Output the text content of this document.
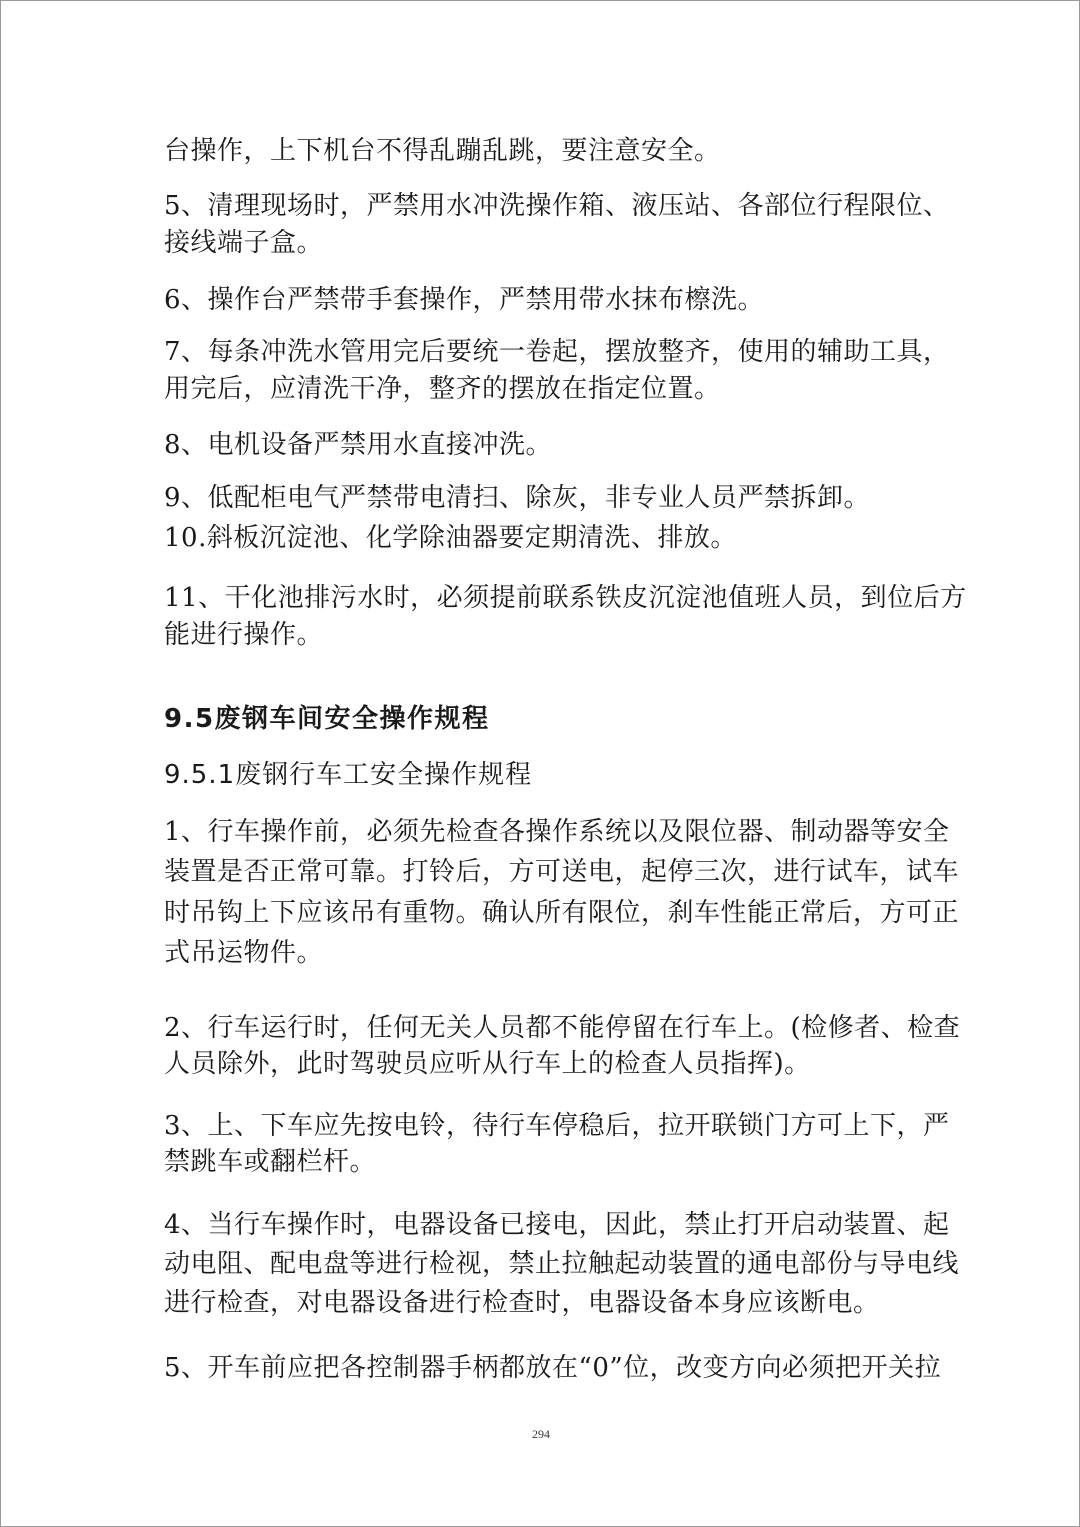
台操作，上下机台不得乱蹦乱跳，要注意安全。
5、清理现场时，严禁用水冲洗操作箱、液压站、各部位行程限位、
接线端子盒。
6、操作台严禁带手套操作，严禁用带水抹布檫洗。
7、每条冲洗水管用完后要统一卷起，摆放整齐，使用的辅助工具，
用完后，应清洗干净，整齐的摆放在指定位置。
8、电机设备严禁用水直接冲洗。
9、低配柜电气严禁带电清扫、除灰，非专业人员严禁拆卸。
10.斜板沉淀池、化学除油器要定期清洗、排放。
11、干化池排污水时，必须提前联系铁皮沉淀池值班人员，到位后方
能进行操作。
9.5废钢车间安全操作规程
9.5.1废钢行车工安全操作规程
1、行车操作前，必须先检查各操作系统以及限位器、制动器等安全
装置是否正常可靠。打铃后，方可送电，起停三次，进行试车，试车
时吊钩上下应该吊有重物。确认所有限位，刹车性能正常后，方可正
式吊运物件。
2、行车运行时，任何无关人员都不能停留在行车上。(检修者、检查
人员除外，此时驾驶员应听从行车上的检查人员指挥)。
3、上、下车应先按电铃，待行车停稳后，拉开联锁门方可上下，严
禁跳车或翻栏杆。
4、当行车操作时，电器设备已接电，因此，禁止打开启动装置、起
动电阻、配电盘等进行检视，禁止拉触起动装置的通电部份与导电线
进行检查，对电器设备进行检查时，电器设备本身应该断电。
5、开车前应把各控制器手柄都放在“0”位，改变方向必须把开关拉
294
